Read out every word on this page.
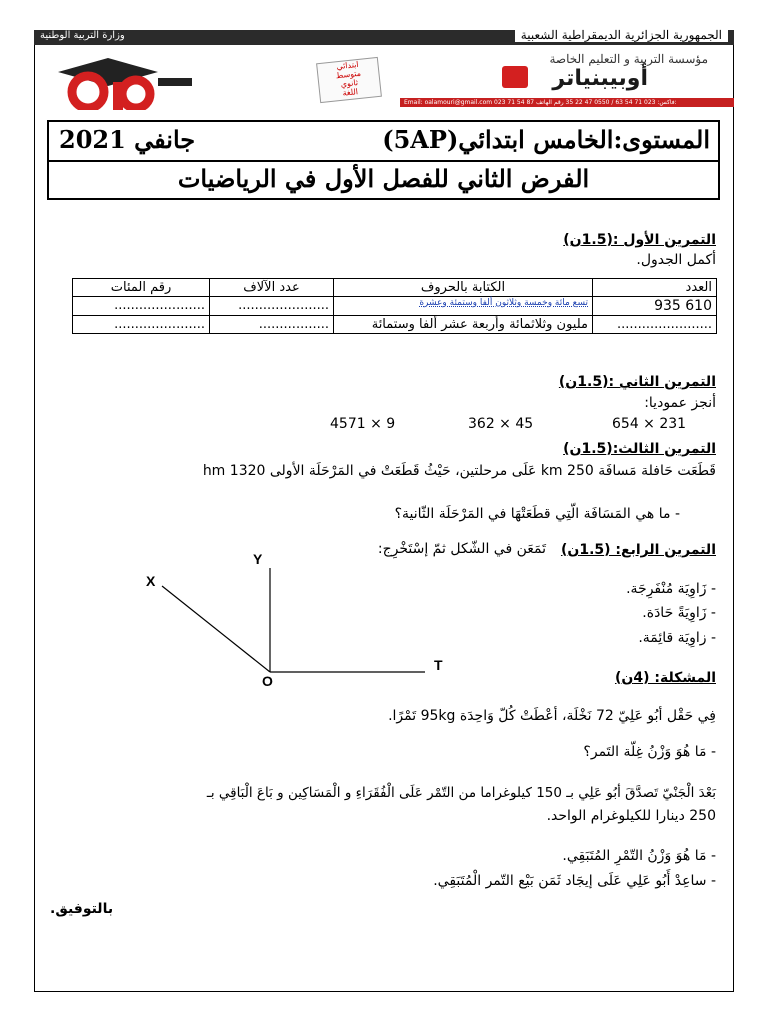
الجمهورية الجزائرية الديمقراطية الشعبية
وزارة التربية الوطنية
ابتدائي
متوسط
ثانوي
اللغة
مؤسسة التربية و التعليم الخاصة
أوبيبنياتر
Email: oalamouri@gmail.com 023 71 54 87 فاكس: 023 71 54 63 / 0550 47 22 35 رقم الهاتف:
المستوى:الخامس ابتدائي(5AP)
جانفي 2021
الفرض الثاني للفصل الأول في الرياضيات
التمرين الأول :(1.5ن)
أكمل الجدول.
العدد	الكتابة بالحروف	عدد الآلاف	رقم المئات
935 610	تسع مائة وخمسة وثلاثون ألفا وستمئة وعشرة	......................	......................
.......................	مليون وثلاثمائة وأربعة عشر ألفا وستمائة	.................	......................
التمرين الثاني :(1.5ن)
أنجز عموديا:
654 × 231
362 × 45
4571 × 9
التمرين الثالث:(1.5ن)
قَطَعَت حَافلة مَسافَة 250 km عَلَى مرحلتين، حَيْثُ قَطَعَتْ في المَرْحَلَة الأولى 1320 hm
- ما هي المَسَافَة الّتِي قطَعَتْهَا في المَرْحَلَة الثّانية؟
التمرين الرابع: (1.5ن)
تَمَعَن في الشّكل ثمّ إسْتَخْرِج:
- زَاوِيَة مُنْفَرِجَة.
- زَاوِيَةً حَادَة.
- زاوِيَة قائِمَة.
Y
X
O
T
المشكلة: (4ن)
فِي حَقْل أبُو عَلِيّ 72 نَخْلَة، أعْطَتْ كُلّ وَاحِدَة 95kg تَمْرًا.
- مَا هُوَ وَزْنُ غِلّة التَمر؟
بَعْدَ الْجَنْيّ تَصدَّقَ أبُو عَلِي بـ 150 كيلوغراما من التّمْر عَلَى الْفُقَرَاءِ و الْمَسَاكِين و بَاعَ الْبَاقِي بـ
250 دينارا للكيلوغرام الواحد.
- مَا هُوَ وَزْنُ التّمْرِ المُتَبَقِي.
- ساعِدْ أَبُو عَلِي عَلَى إيجَاد ثَمَن بَيْع التّمر الْمُتَبَقِي.
بالتوفيق.
